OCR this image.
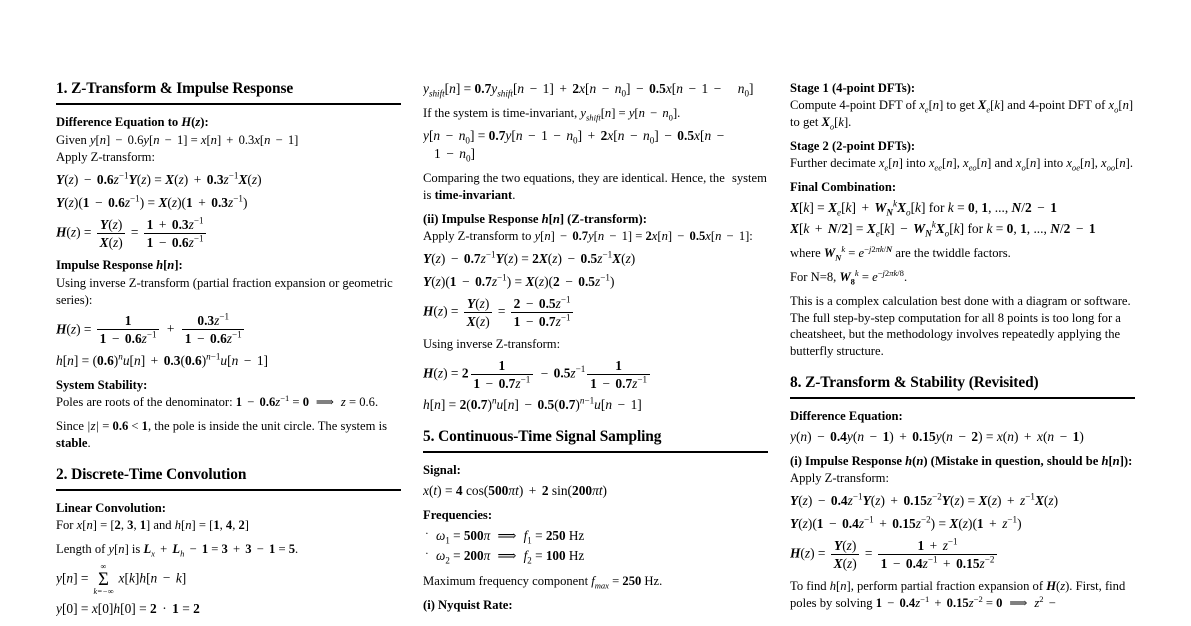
1. Z-Transform & Impulse Response
Difference Equation to H(z):
Given y[n] − 0.6y[n − 1] = x[n] + 0.3x[n − 1]
Apply Z-transform:
$Y(z) - 0.6z^{-1}Y(z) = X(z) + 0.3z^{-1}X(z)$
$Y(z)(1 - 0.6z^{-1}) = X(z)(1 + 0.3z^{-1})$
$H(z) = \frac{Y(z)}{X(z)} = \frac{1 + 0.3z^{-1}}{1 - 0.6z^{-1}}$
Impulse Response h[n]:
Using inverse Z-transform (partial fraction expansion or geometric series):
$H(z) = \frac{1}{1 - 0.6z^{-1}} + \frac{0.3z^{-1}}{1 - 0.6z^{-1}}$
$h[n] = (0.6)^nu[n] + 0.3(0.6)^{n-1}u[n - 1]$
System Stability:
Poles are roots of the denominator: $1 - 0.6z^{-1} = 0$ ⟹ z = 0.6.
Since |z| = 0.6 < 1, the pole is inside the unit circle. The system is stable.
2. Discrete-Time Convolution
Linear Convolution:
For x[n] = [2, 3, 1] and h[n] = [1, 4, 2]
Length of y[n] is $L_x + L_h - 1 = 3 + 3 - 1 = 5$.
y[n] =
∞
Σ
k=−∞
x[k]h[n − k]
y[0] = x[0]h[0] = 2 · 1 = 2
$y_{shift}[n] = 0.7y_{shift}[n - 1] + 2x[n - n_0] - 0.5x[n - 1 - n_0]$
If the system is time-invariant, $y_{shift}[n] = y[n - n_0]$.
$y[n - n_0] = 0.7y[n - 1 - n_0] + 2x[n - n_0] - 0.5x[n - 1 - n_0]$
Comparing the two equations, they are identical. Hence, the system is time-invariant.
(ii) Impulse Response h[n] (Z-transform):
Apply Z-transform to y[n] − 0.7y[n − 1] = 2x[n] − 0.5x[n − 1]:
$Y(z) - 0.7z^{-1}Y(z) = 2X(z) - 0.5z^{-1}X(z)$
$Y(z)(1 - 0.7z^{-1}) = X(z)(2 - 0.5z^{-1})$
$H(z) = \frac{Y(z)}{X(z)} = \frac{2 - 0.5z^{-1}}{1 - 0.7z^{-1}}$
Using inverse Z-transform:
$H(z) = 2 \frac{1}{1 - 0.7z^{-1}} - 0.5z^{-1} \frac{1}{1 - 0.7z^{-1}}$
$h[n] = 2(0.7)^nu[n] - 0.5(0.7)^{n-1}u[n - 1]$
5. Continuous-Time Signal Sampling
Signal:
x(t) = 4 cos(500πt) + 2 sin(200πt)
Frequencies:
· $\omega_1 = 500\pi$ ⟹ $f_1 = 250$ Hz
· $\omega_2 = 200\pi$ ⟹ $f_2 = 100$ Hz
Maximum frequency component $f_{max} = 250$ Hz.
(i) Nyquist Rate:
Stage 1 (4-point DFTs):
Compute 4-point DFT of $x_e[n]$ to get $X_e[k]$ and 4-point DFT of $x_o[n]$ to get $X_o[k]$.
Stage 2 (2-point DFTs):
Further decimate $x_e[n]$ into $x_{ee}[n]$, $x_{eo}[n]$ and $x_o[n]$ into $x_{oe}[n]$, $x_{oo}[n]$.
Final Combination:
$X[k] = X_e[k] + W_N^kX_o[k]$ for k = 0, 1, ..., N/2 − 1
$X[k + N/2] = X_e[k] - W_N^kX_o[k]$ for k = 0, 1, ..., N/2 − 1
where $W_N^k = e^{-j2\pi k/N}$ are the twiddle factors.
For N=8, $W_8^k = e^{-j2\pi k/8}$.
This is a complex calculation best done with a diagram or software. The full step-by-step computation for all 8 points is too long for a cheatsheet, but the methodology involves repeatedly applying the butterfly structure.
8. Z-Transform & Stability (Revisited)
Difference Equation:
y(n) − 0.4y(n − 1) + 0.15y(n − 2) = x(n) + x(n − 1)
(i) Impulse Response h(n) (Mistake in question, should be h[n]):
Apply Z-transform:
$Y(z) - 0.4z^{-1}Y(z) + 0.15z^{-2}Y(z) = X(z) + z^{-1}X(z)$
$Y(z)(1 - 0.4z^{-1} + 0.15z^{-2}) = X(z)(1 + z^{-1})$
$H(z) = \frac{Y(z)}{X(z)} = \frac{1 + z^{-1}}{1 - 0.4z^{-1} + 0.15z^{-2}}$
To find h[n], perform partial fraction expansion of H(z). First, find poles by solving $1 - 0.4z^{-1} + 0.15z^{-2} = 0$ ⟹ $z^2$ −
